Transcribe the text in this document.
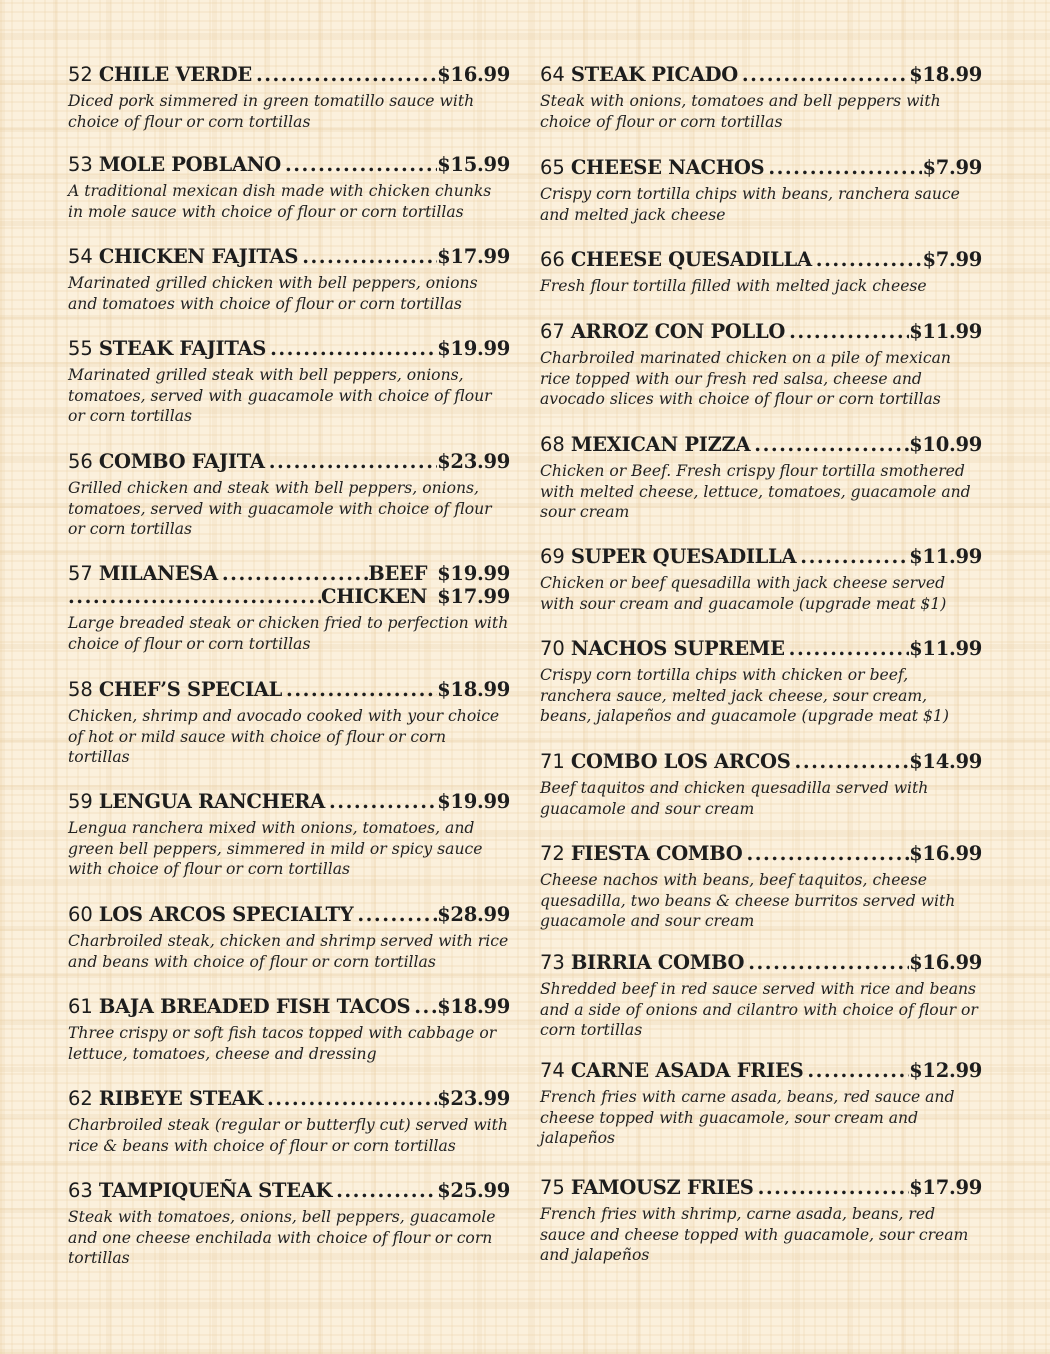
52 CHILE VERDE .....	$16.99
Diced pork simmered in green tomatillo sauce with choice of flour or corn tortillas
53 MOLE POBLANO .....	$15.99
A traditional mexican dish made with chicken chunks in mole sauce with choice of flour or corn tortillas
54 CHICKEN FAJITAS .....	$17.99
Marinated grilled chicken with bell peppers, onions and tomatoes with choice of flour or corn tortillas
55 STEAK FAJITAS .....	$19.99
Marinated grilled steak with bell peppers, onions, tomatoes, served with guacamole with choice of flour or corn tortillas
56 COMBO FAJITA .....	$23.99
Grilled chicken and steak with bell peppers, onions, tomatoes, served with guacamole with choice of flour or corn tortillas
58 CHEF’S SPECIAL .....	$18.99
Chicken, shrimp and avocado cooked with your choice of hot or mild sauce with choice of flour or corn tortillas
59 LENGUA RANCHERA .....	$19.99
Lengua ranchera mixed with onions, tomatoes, and green bell peppers, simmered in mild or spicy sauce with choice of flour or corn tortillas
60 LOS ARCOS SPECIALTY .....	$28.99
Charbroiled steak, chicken and shrimp served with rice and beans with choice of flour or corn tortillas
61 BAJA BREADED FISH TACOS ..... $18.99
Three crispy or soft fish tacos topped with cabbage or lettuce, tomatoes, cheese and dressing
62 RIBEYE STEAK .....	$23.99
Charbroiled steak (regular or butterfly cut) served with rice & beans with choice of flour or corn tortillas
63 TAMPIQUEÑA STEAK .....	$25.99
Steak with tomatoes, onions, bell peppers, guacamole and one cheese enchilada with choice of flour or corn tortillas
57 MILANESA .....	BEEF $19.99
.....
CHICKEN $17.99
Large breaded steak or chicken fried to perfection with choice of flour or corn tortillas
64 STEAK PICADO .....	$18.99
Steak with onions, tomatoes and bell peppers with choice of flour or corn tortillas
65 CHEESE NACHOS .....	$7.99
Crispy corn tortilla chips with beans, ranchera sauce and melted jack cheese
66 CHEESE QUESADILLA .....	$7.99
Fresh flour tortilla filled with melted jack cheese
67 ARROZ CON POLLO .....	$11.99
Charbroiled marinated chicken on a pile of mexican rice topped with our fresh red salsa, cheese and avocado slices with choice of flour or corn tortillas
68 MEXICAN PIZZA .....	$10.99
Chicken or Beef. Fresh crispy flour tortilla smothered with melted cheese, lettuce, tomatoes, guacamole and sour cream
69 SUPER QUESADILLA .....	$11.99
Chicken or beef quesadilla with jack cheese served with sour cream and guacamole (upgrade meat $1)
70 NACHOS SUPREME .....	$11.99
Crispy corn tortilla chips with chicken or beef, ranchera sauce, melted jack cheese, sour cream, beans, jalapeños and guacamole (upgrade meat $1)
71 COMBO LOS ARCOS .....	$14.99
Beef taquitos and chicken quesadilla served with guacamole and sour cream
72 FIESTA COMBO .....	$16.99
Cheese nachos with beans, beef taquitos, cheese quesadilla, two beans & cheese burritos served with guacamole and sour cream
73 BIRRIA COMBO .....	$16.99
Shredded beef in red sauce served with rice and beans and a side of onions and cilantro with choice of flour or corn tortillas
74 CARNE ASADA FRIES .....	$12.99
French fries with carne asada, beans, red sauce and cheese topped with guacamole, sour cream and jalapeños
75 FAMOUSZ FRIES .....	$17.99
French fries with shrimp, carne asada, beans, red sauce and cheese topped with guacamole, sour cream and jalapeños
